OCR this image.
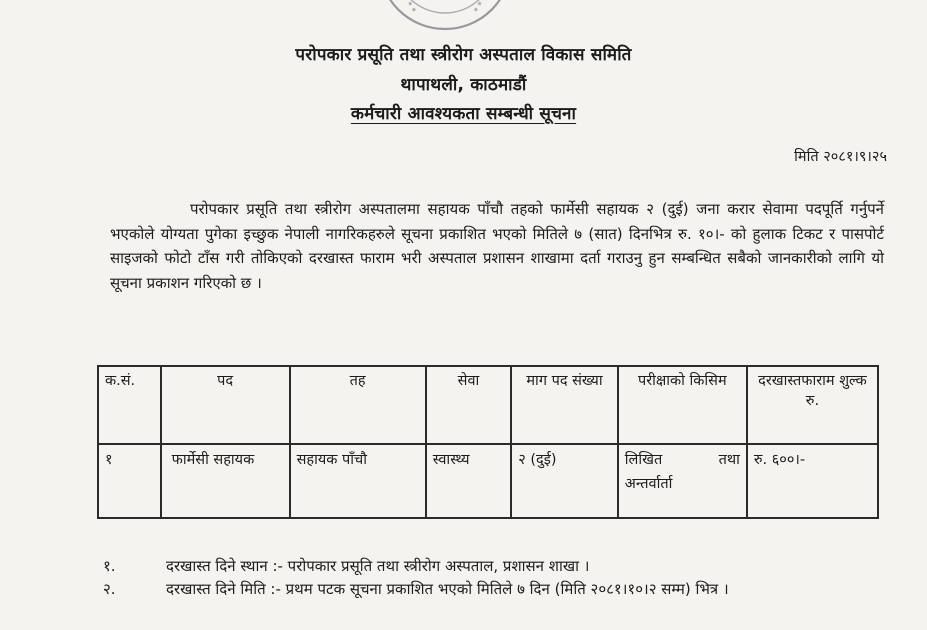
परोपकार प्रसूति तथा स्त्रीरोग अस्पताल विकास समिति
थापाथली, काठमाडौं
कर्मचारी आवश्यकता सम्बन्धी सूचना
मिति २०८१।९।२५
परोपकार प्रसूति तथा स्त्रीरोग अस्पतालमा सहायक पाँचौ तहको फार्मेसी सहायक २ (दुई) जना करार सेवामा पदपूर्ति गर्नुपर्ने भएकोले योग्यता पुगेका इच्छुक नेपाली नागरिकहरुले सूचना प्रकाशित भएको मितिले ७ (सात) दिनभित्र रु. १०।- को हुलाक टिकट र पासपोर्ट साइजको फोटो टाँस गरी तोकिएको दरखास्त फाराम भरी अस्पताल प्रशासन शाखामा दर्ता गराउनु हुन सम्बन्धित सबैको जानकारीको लागि यो सूचना प्रकाशन गरिएको छ ।
क.सं.	पद	तह	सेवा	माग पद संख्या	परीक्षाको किसिम	दरखास्तफाराम शुल्क रु.
१	फार्मेसी सहायक	सहायक पाँचौ	स्वास्थ्य	२ (दुई)	लिखित तथा अन्तर्वार्ता	रु. ६००।-
१.	दरखास्त दिने स्थान :- परोपकार प्रसूति तथा स्त्रीरोग अस्पताल, प्रशासन शाखा ।
२.	दरखास्त दिने मिति :- प्रथम पटक सूचना प्रकाशित भएको मितिले ७ दिन (मिति २०८१।१०।२ सम्म) भित्र ।
